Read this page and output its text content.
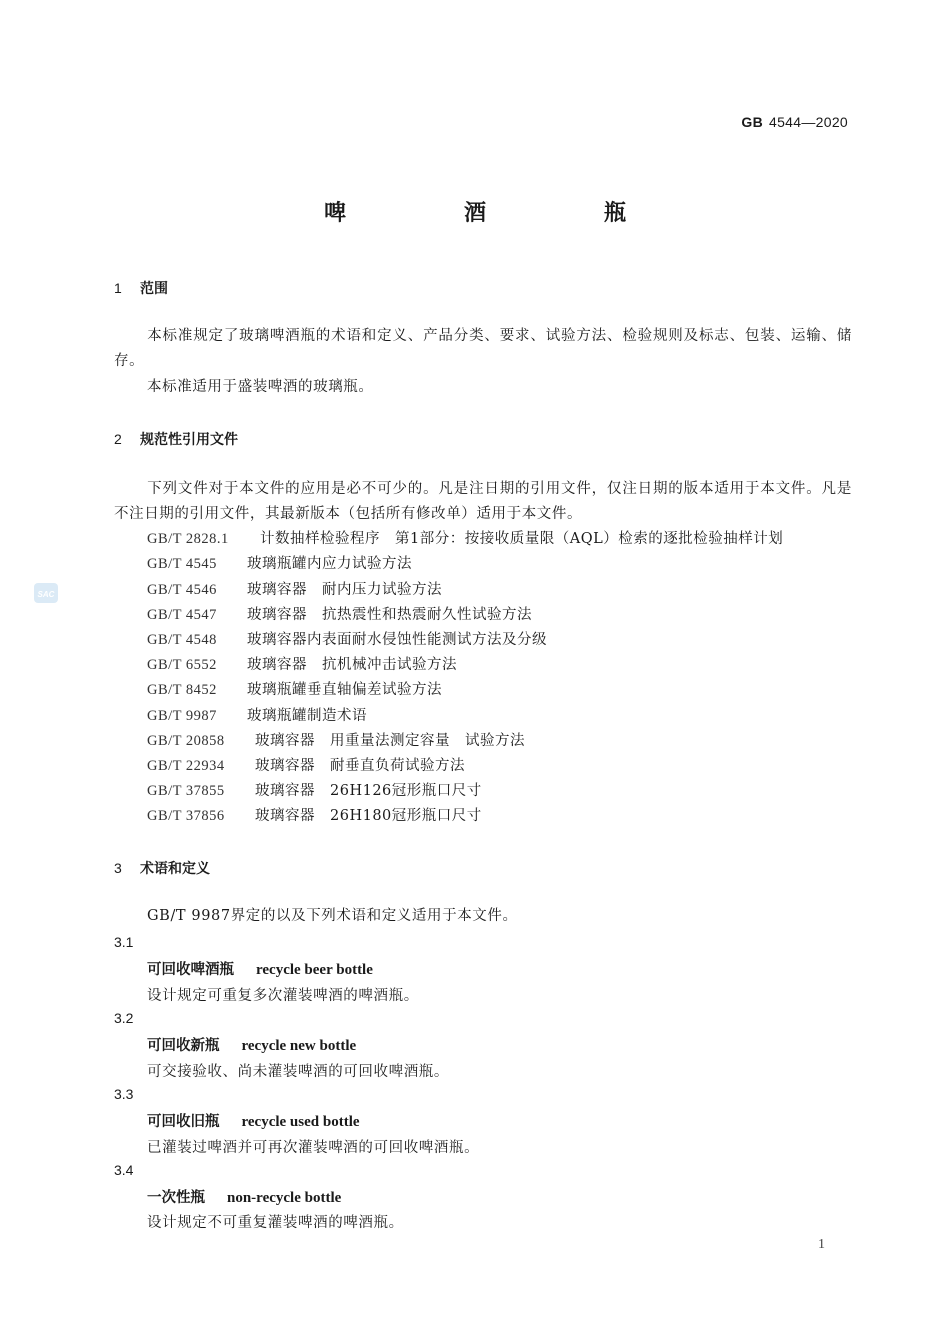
GB 4544—2020
SAC
啤　酒　瓶
1 范围
本标准规定了玻璃啤酒瓶的术语和定义、产品分类、要求、试验方法、检验规则及标志、包装、运输、储存。
本标准适用于盛装啤酒的玻璃瓶。
2 规范性引用文件
下列文件对于本文件的应用是必不可少的。凡是注日期的引用文件，仅注日期的版本适用于本文件。凡是不注日期的引用文件，其最新版本（包括所有修改单）适用于本文件。
GB/T 2828.1 计数抽样检验程序　第1部分：按接收质量限（AQL）检索的逐批检验抽样计划
GB/T 4545 玻璃瓶罐内应力试验方法
GB/T 4546 玻璃容器　耐内压力试验方法
GB/T 4547 玻璃容器　抗热震性和热震耐久性试验方法
GB/T 4548 玻璃容器内表面耐水侵蚀性能测试方法及分级
GB/T 6552 玻璃容器　抗机械冲击试验方法
GB/T 8452 玻璃瓶罐垂直轴偏差试验方法
GB/T 9987 玻璃瓶罐制造术语
GB/T 20858 玻璃容器　用重量法测定容量　试验方法
GB/T 22934 玻璃容器　耐垂直负荷试验方法
GB/T 37855 玻璃容器　26H126冠形瓶口尺寸
GB/T 37856 玻璃容器　26H180冠形瓶口尺寸
3 术语和定义
GB/T 9987界定的以及下列术语和定义适用于本文件。
3.1
可回收啤酒瓶 recycle beer bottle
设计规定可重复多次灌装啤酒的啤酒瓶。
3.2
可回收新瓶 recycle new bottle
可交接验收、尚未灌装啤酒的可回收啤酒瓶。
3.3
可回收旧瓶 recycle used bottle
已灌装过啤酒并可再次灌装啤酒的可回收啤酒瓶。
3.4
一次性瓶 non-recycle bottle
设计规定不可重复灌装啤酒的啤酒瓶。
1
